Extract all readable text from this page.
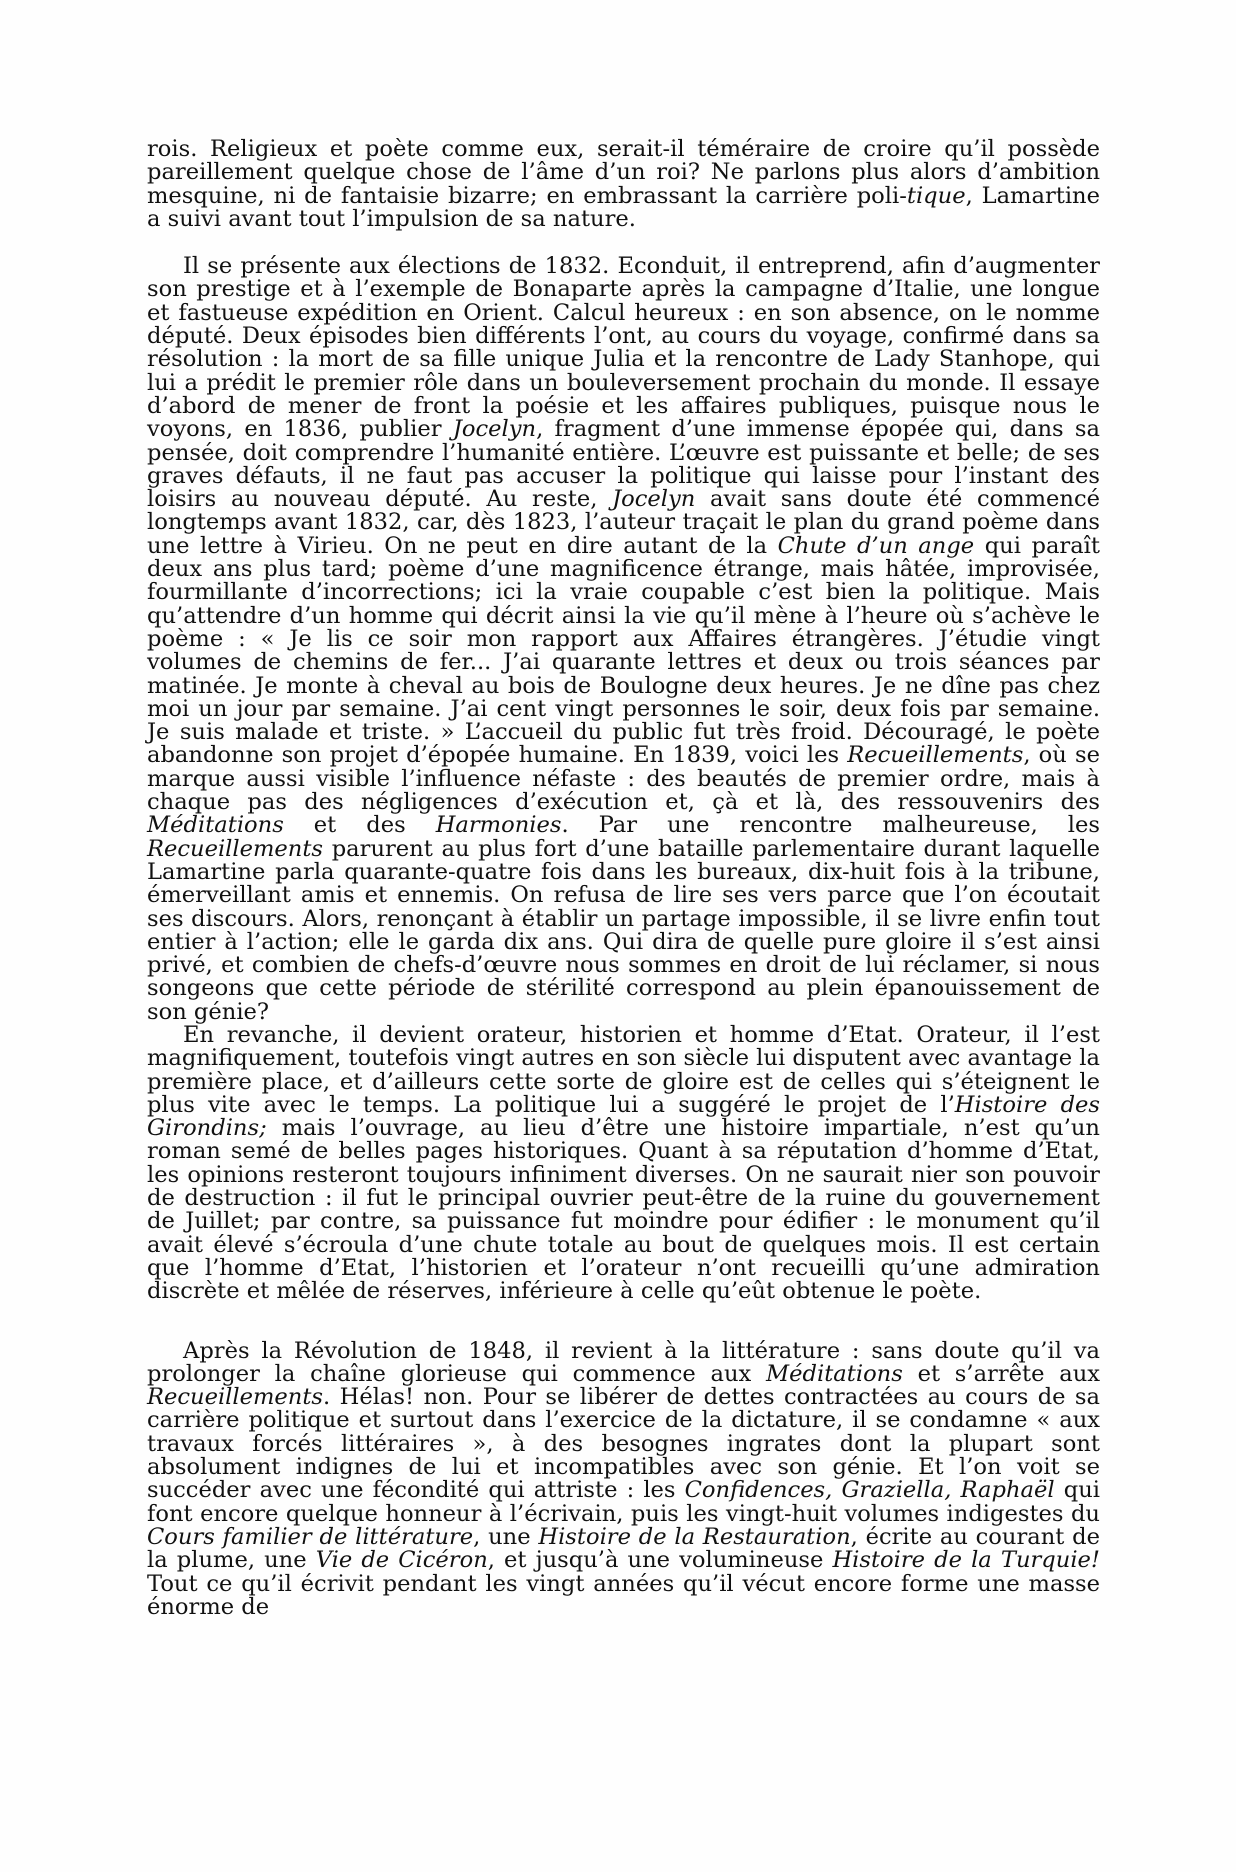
rois. Religieux et poète comme eux, serait-il téméraire de croire qu’il possède pareillement quelque chose de l’âme d’un roi? Ne parlons plus alors d’ambition mesquine, ni de fantaisie bizarre; en embrassant la carrière poli-tique, Lamartine a suivi avant tout l’impulsion de sa nature.

Il se présente aux élections de 1832. Econduit, il entreprend, afin d’augmenter son prestige et à l’exemple de Bonaparte après la campagne d’Italie, une longue et fastueuse expédition en Orient. Calcul heureux : en son absence, on le nomme député. Deux épisodes bien différents l’ont, au cours du voyage, confirmé dans sa résolution : la mort de sa fille unique Julia et la rencontre de Lady Stanhope, qui lui a prédit le premier rôle dans un bouleversement prochain du monde. Il essaye d’abord de mener de front la poésie et les affaires publiques, puisque nous le voyons, en 1836, publier Jocelyn, fragment d’une immense épopée qui, dans sa pensée, doit comprendre l’humanité entière. L’œuvre est puissante et belle; de ses graves défauts, il ne faut pas accuser la politique qui laisse pour l’instant des loisirs au nouveau député. Au reste, Jocelyn avait sans doute été commencé longtemps avant 1832, car, dès 1823, l’auteur traçait le plan du grand poème dans une lettre à Virieu. On ne peut en dire autant de la Chute d’un ange qui paraît deux ans plus tard; poème d’une magnificence étrange, mais hâtée, improvisée, fourmillante d’incorrections; ici la vraie coupable c’est bien la politique. Mais qu’attendre d’un homme qui décrit ainsi la vie qu’il mène à l’heure où s’achève le poème : « Je lis ce soir mon rapport aux Affaires étrangères. J’étudie vingt volumes de chemins de fer... J’ai quarante lettres et deux ou trois séances par matinée. Je monte à cheval au bois de Boulogne deux heures. Je ne dîne pas chez moi un jour par semaine. J’ai cent vingt personnes le soir, deux fois par semaine. Je suis malade et triste. » L’accueil du public fut très froid. Découragé, le poète abandonne son projet d’épopée humaine. En 1839, voici les Recueillements, où se marque aussi visible l’influence néfaste : des beautés de premier ordre, mais à chaque pas des négligences d’exécution et, çà et là, des ressouvenirs des Méditations et des Harmonies. Par une rencontre malheureuse, les Recueillements parurent au plus fort d’une bataille parlementaire durant laquelle Lamartine parla quarante-quatre fois dans les bureaux, dix-huit fois à la tribune, émerveillant amis et ennemis. On refusa de lire ses vers parce que l’on écoutait ses discours. Alors, renonçant à établir un partage impossible, il se livre enfin tout entier à l’action; elle le garda dix ans. Qui dira de quelle pure gloire il s’est ainsi privé, et combien de chefs-d’œuvre nous sommes en droit de lui réclamer, si nous songeons que cette période de stérilité correspond au plein épanouissement de son génie?

En revanche, il devient orateur, historien et homme d’Etat. Orateur, il l’est magnifiquement, toutefois vingt autres en son siècle lui disputent avec avantage la première place, et d’ailleurs cette sorte de gloire est de celles qui s’éteignent le plus vite avec le temps. La politique lui a suggéré le projet de l’Histoire des Girondins; mais l’ouvrage, au lieu d’être une histoire impartiale, n’est qu’un roman semé de belles pages historiques. Quant à sa réputation d’homme d’Etat, les opinions resteront toujours infiniment diverses. On ne saurait nier son pouvoir de destruction : il fut le principal ouvrier peut-être de la ruine du gouvernement de Juillet; par contre, sa puissance fut moindre pour édifier : le monument qu’il avait élevé s’écroula d’une chute totale au bout de quelques mois. Il est certain que l’homme d’Etat, l’historien et l’orateur n’ont recueilli qu’une admiration discrète et mêlée de réserves, inférieure à celle qu’eût obtenue le poète.

Après la Révolution de 1848, il revient à la littérature : sans doute qu’il va prolonger la chaîne glorieuse qui commence aux Méditations et s’arrête aux Recueillements. Hélas! non. Pour se libérer de dettes contractées au cours de sa carrière politique et surtout dans l’exercice de la dictature, il se condamne « aux travaux forcés littéraires », à des besognes ingrates dont la plupart sont absolument indignes de lui et incompatibles avec son génie. Et l’on voit se succéder avec une fécondité qui attriste : les Confidences, Graziella, Raphaël qui font encore quelque honneur à l’écrivain, puis les vingt-huit volumes indigestes du Cours familier de littérature, une Histoire de la Restauration, écrite au courant de la plume, une Vie de Cicéron, et jusqu’à une volumineuse Histoire de la Turquie! Tout ce qu’il écrivit pendant les vingt années qu’il vécut encore forme une masse énorme de
